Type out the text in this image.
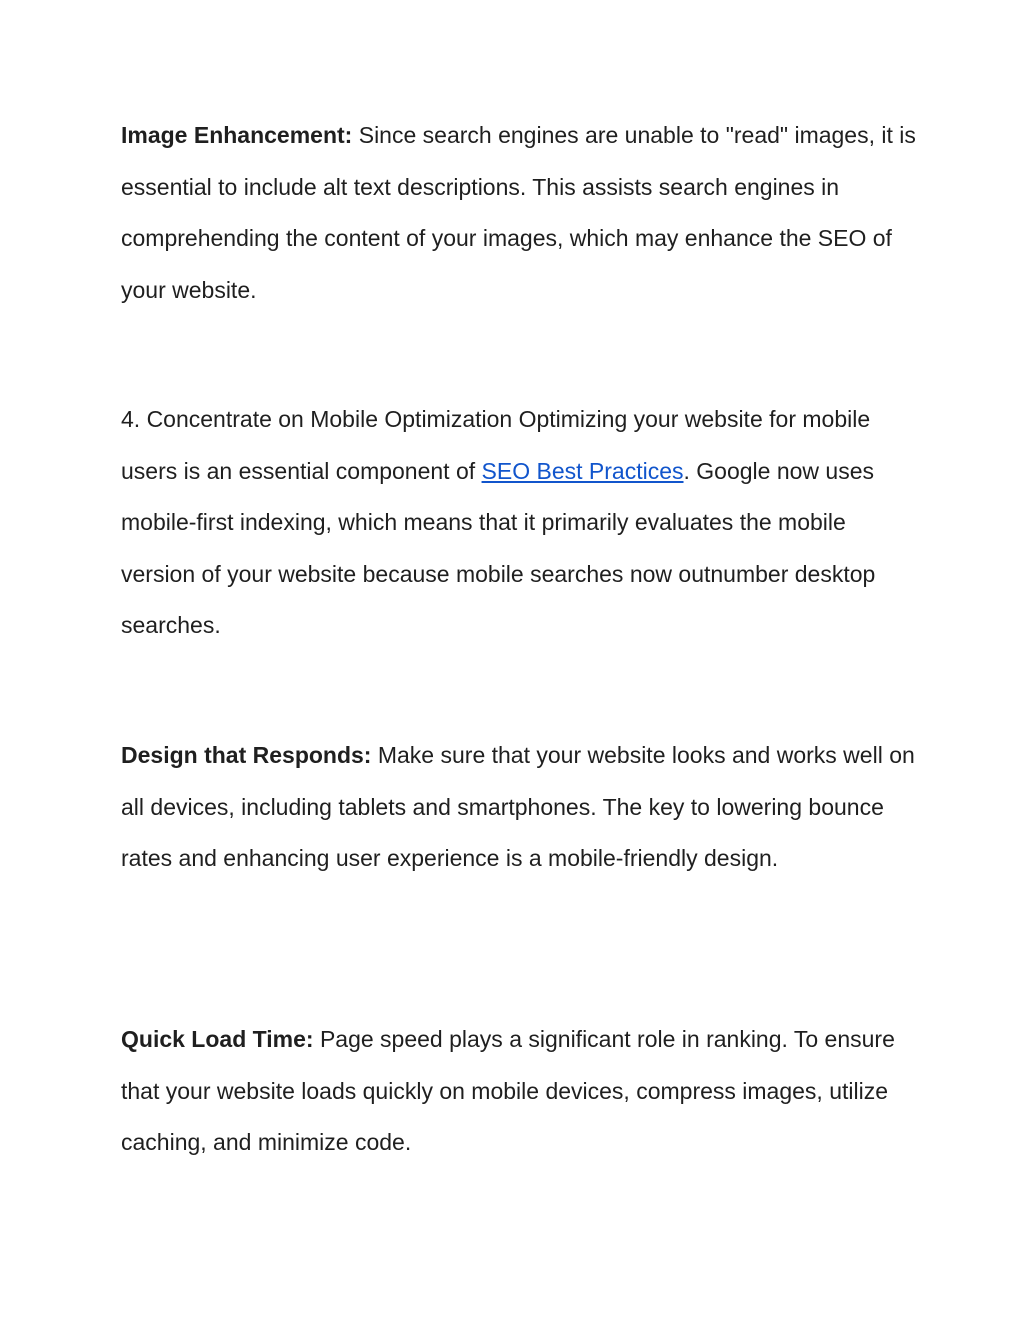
Image Enhancement: Since search engines are unable to "read" images, it is essential to include alt text descriptions. This assists search engines in comprehending the content of your images, which may enhance the SEO of your website.

4. Concentrate on Mobile Optimization Optimizing your website for mobile users is an essential component of SEO Best Practices. Google now uses mobile-first indexing, which means that it primarily evaluates the mobile version of your website because mobile searches now outnumber desktop searches.

Design that Responds: Make sure that your website looks and works well on all devices, including tablets and smartphones. The key to lowering bounce rates and enhancing user experience is a mobile-friendly design.

Quick Load Time: Page speed plays a significant role in ranking. To ensure that your website loads quickly on mobile devices, compress images, utilize caching, and minimize code.
